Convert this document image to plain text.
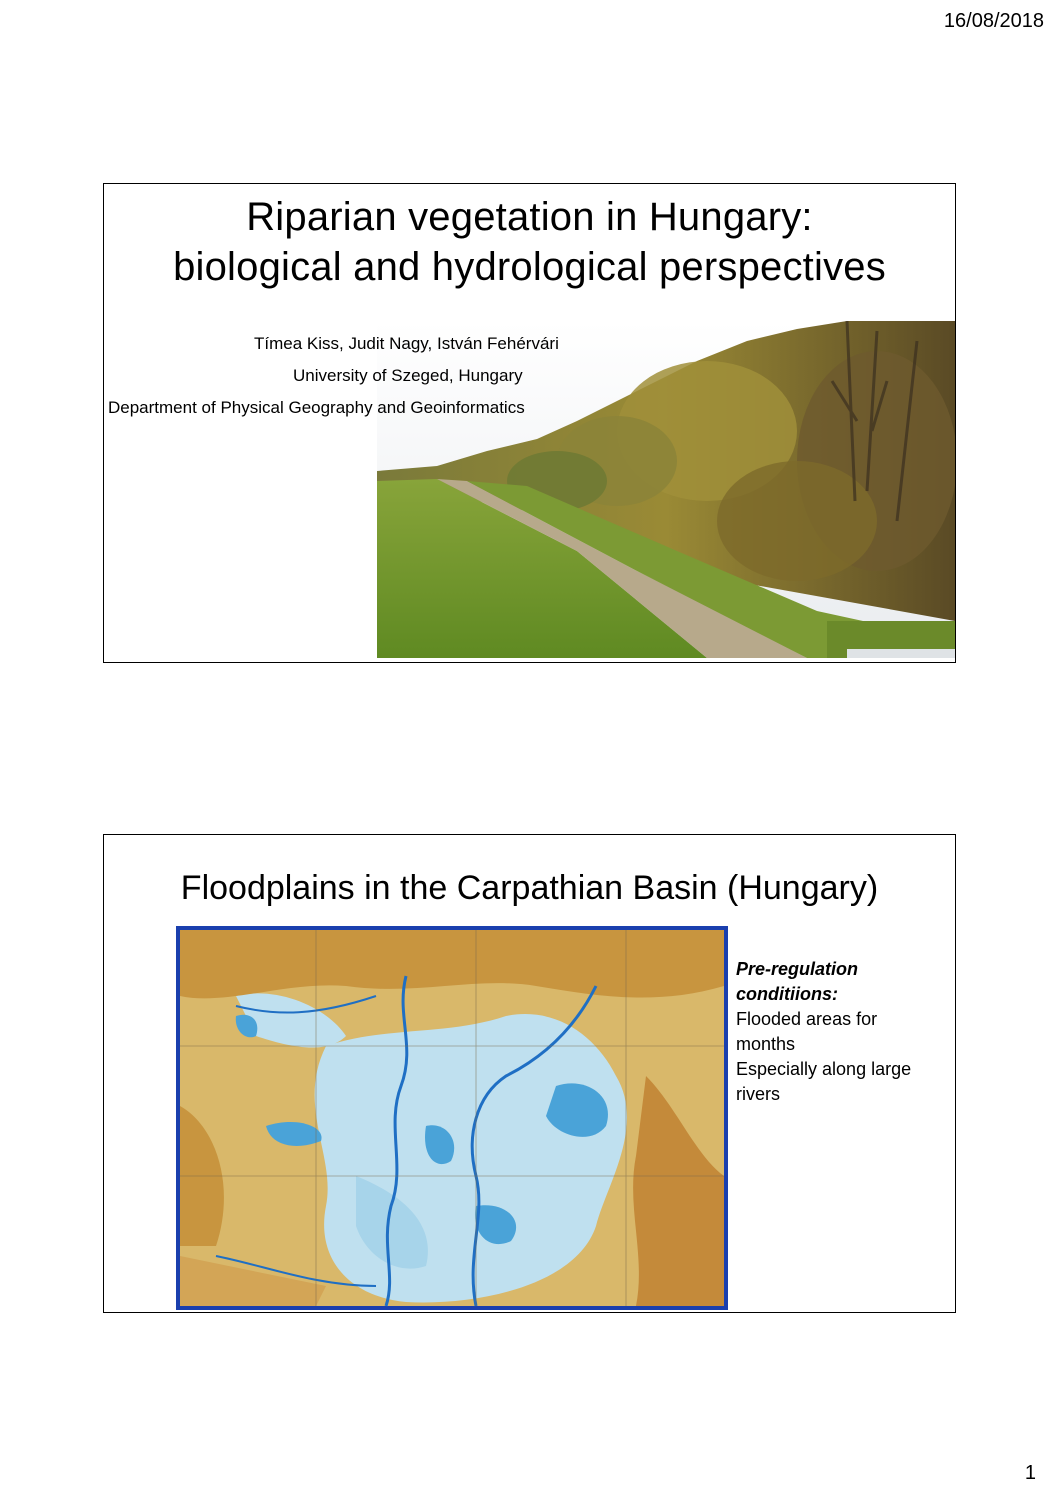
16/08/2018
Riparian vegetation in Hungary:
biological and hydrological perspectives
Tímea Kiss, Judit Nagy, István Fehérvári
University of Szeged, Hungary
Department of Physical Geography and Geoinformatics
Floodplains in the Carpathian Basin (Hungary)
Pre-regulation
conditiions:
Flooded areas for
months
Especially along large
rivers
1
